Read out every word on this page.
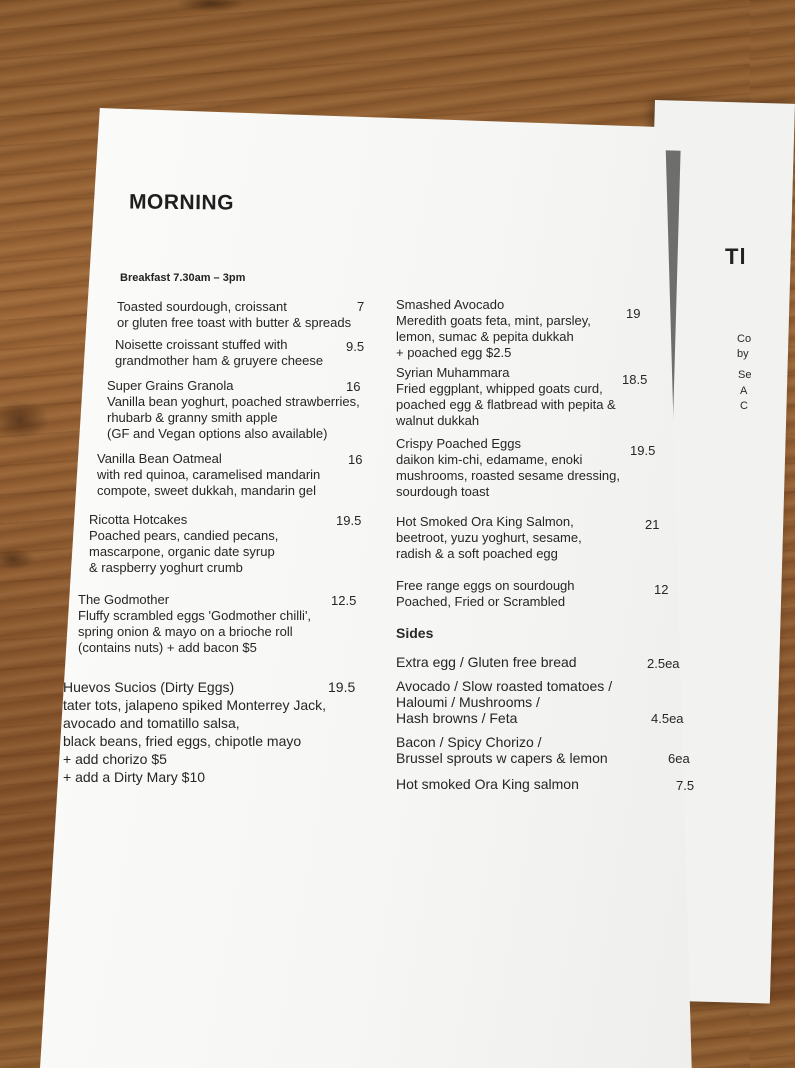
Tl
Co
by
Se
A
C
MORNING
Breakfast 7.30am – 3pm
Toasted sourdough, croissant
or gluten free toast with butter & spreads
7
Noisette croissant stuffed with
grandmother ham & gruyere cheese
9.5
Super Grains Granola
Vanilla bean yoghurt, poached strawberries,
rhubarb & granny smith apple
(GF and Vegan options also available)
16
Vanilla Bean Oatmeal
with red quinoa, caramelised mandarin
compote, sweet dukkah, mandarin gel
16
Ricotta Hotcakes
Poached pears, candied pecans,
mascarpone, organic date syrup
& raspberry yoghurt crumb
19.5
The Godmother
Fluffy scrambled eggs 'Godmother chilli',
spring onion & mayo on a brioche roll
(contains nuts) + add bacon $5
12.5
Huevos Sucios (Dirty Eggs)
tater tots, jalapeno spiked Monterrey Jack,
avocado and tomatillo salsa,
black beans, fried eggs, chipotle mayo
+ add chorizo $5
+ add a Dirty Mary $10
19.5
Smashed Avocado
Meredith goats feta, mint, parsley,
lemon, sumac & pepita dukkah
+ poached egg $2.5
19
Syrian Muhammara
Fried eggplant, whipped goats curd,
poached egg & flatbread with pepita &
walnut dukkah
18.5
Crispy Poached Eggs
daikon kim-chi, edamame, enoki
mushrooms, roasted sesame dressing,
sourdough toast
19.5
Hot Smoked Ora King Salmon,
beetroot, yuzu yoghurt, sesame,
radish & a soft poached egg
21
Free range eggs on sourdough
Poached, Fried or Scrambled
12
Sides
Extra egg / Gluten free bread	2.5ea
Avocado / Slow roasted tomatoes /
Haloumi / Mushrooms /
Hash browns / Feta	4.5ea
Bacon / Spicy Chorizo /
Brussel sprouts w capers & lemon	6ea
Hot smoked Ora King salmon	7.5
